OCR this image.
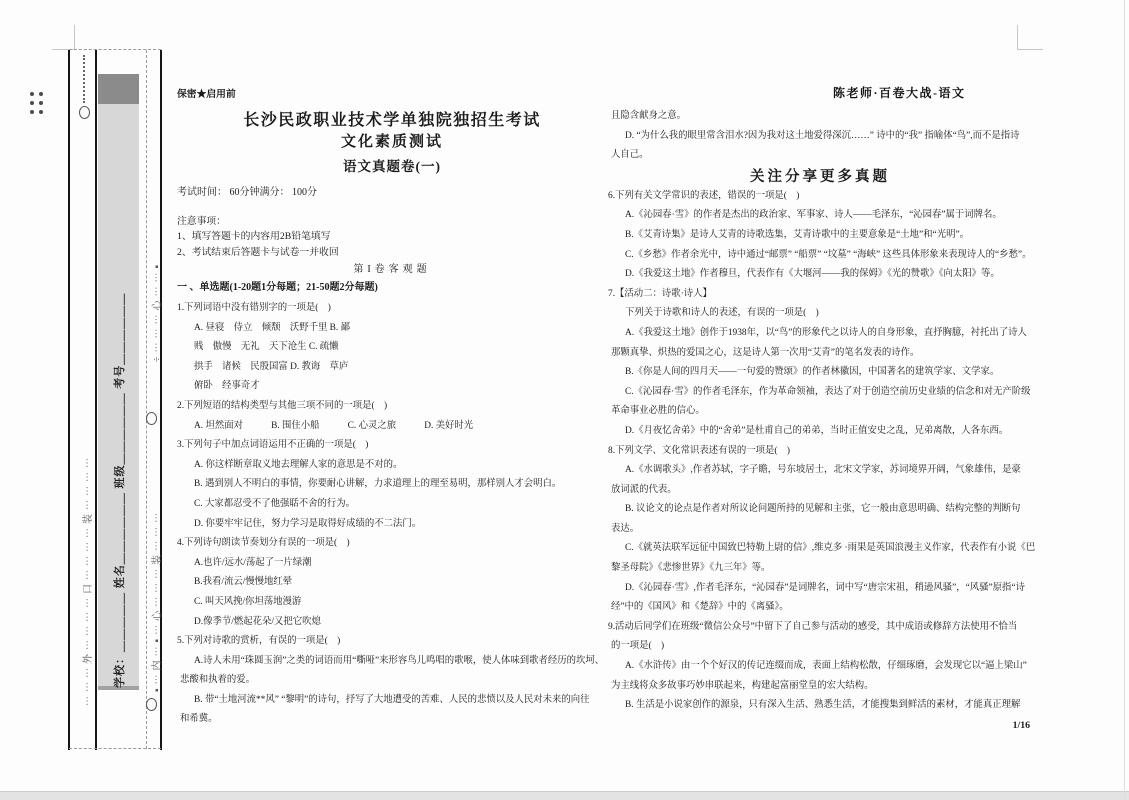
学校：＿＿＿＿＿ 姓名＿＿＿＿＿＿ 班级＿＿＿＿＿＿ 考号＿＿＿＿＿＿
⋯⋯⋯外⋯⋯⋯⋯口⋯⋯⋯⋯装⋯⋯⋯⋯	▪⋯内⋯▪⋯心⋯⋯⋯装⋯⋯⋯
÷⋯⋯⋯心⋯⋯▪
陈老师·百卷大战-语文
保密★启用前
长沙民政职业技术学单独院独招生考试
文化素质测试
语文真题卷(一)
考试时间： 60分钟满分： 100分
注意事项：
1、填写答题卡的内容用2B铅笔填写
2、考试结束后答题卡与试卷一并收回
第I卷客观题
一 、单选题(1-20题1分每题；21-50题2分每题)
1.下列词语中没有错别字的一项是(　)
A. 昼寝　侍立　倾颓　沃野千里 B. 鄙
贱　傲慢　无礼　天下沧生 C. 疏懒
拱手　诸候　民殷国富 D. 教诲　草庐
俯卧　经事奇才
2.下列短语的结构类型与其他三项不同的一项是(　)
A. 坦然面对　　　B. 围住小船　　　C. 心灵之旅　　　D. 美好时光
3.下列句子中加点词语运用不正确的一项是(　)
A. 你这样断章取义地去理解人家的意思是不对的。
B. 遇到别人不明白的事情，你要耐心讲解，力求道理上的理至易明，那样别人才会明白。
C. 大家都忍受不了他强聒不舍的行为。
D. 你要牢牢记住，努力学习是取得好成绩的不二法门。
4.下列诗句朗读节奏划分有误的一项是(　)
A.也许/远水/荡起了一片绿潮
B.我看/流云/慢慢地红晕
C. 叫天风挽/你坦荡地漫游
D.像季节/燃起花朵/又把它吹熄
5.下列对诗歌的赏析，有误的一项是(　)
A.诗人未用“珠圆玉润”之类的词语而用“嘶哑”来形容鸟儿鸣唱的歌喉，使人体味到歌者经历的坎坷、
悲酸和执着的爱。
B. 带“土地河流**风” “黎明”的诗句，抒写了大地遭受的苦难、人民的悲愤以及人民对未来的向往
和希冀。
且隐含献身之意。
D. “为什么我的眼里常含泪水?因为我对这土地爱得深沉……” 诗中的“我” 指喻体“鸟”,而不是指诗
人自己。
关注分享更多真题
6.下列有关文学常识的表述，错误的一项是(　)
A.《沁园春·雪》的作者是杰出的政治家、军事家、诗人——毛泽东，“沁园春”属于词牌名。
B.《艾青诗集》是诗人艾青的诗歌选集，艾青诗歌中的主要意象是“土地”和“光明”。
C.《乡愁》作者余光中，诗中通过“邮票” “船票” “坟墓” “海峡” 这些具体形象来表现诗人的“乡愁”。
D.《我爱这土地》作者穆旦，代表作有《大堰河——我的保姆》《光的赞歌》《向太阳》等。
7.【活动二：诗歌·诗人】
下列关于诗歌和诗人的表述，有误的一项是(　)
A.《我爱这土地》创作于1938年，以“鸟”的形象代之以诗人的自身形象，直抒胸臆，衬托出了诗人
那颗真挚、炽热的爱国之心，这是诗人第一次用“艾青”的笔名发表的诗作。
B.《你是人间的四月天——一句爱的赞颂》的作者林徽因，中国著名的建筑学家、文学家。
C.《沁园春·雪》的作者毛泽东，作为革命领袖，表达了对于创造空前历史业绩的信念和对无产阶级
革命事业必胜的信心。
D.《月夜忆舍弟》中的“舍弟”是杜甫自己的弟弟，当时正值安史之乱，兄弟离散，人各东西。
8.下列文学、文化常识表述有误的一项是(　)
A.《水调歌头》,作者苏轼，字子瞻，号东坡居士，北宋文学家，苏词境界开阔，气象雄伟，是豪
放词派的代表。
B. 议论文的论点是作者对所议论问题所持的见解和主张，它一般由意思明确、结构完整的判断句
表达。
C.《就英法联军远征中国致巴特勒上尉的信》,维克多 ·雨果是英国浪漫主义作家，代表作有小说《巴
黎圣母院》《悲惨世界》《九三年》等。
D.《沁园春·雪》,作者毛泽东，“沁园春”是词牌名，词中写“唐宗宋祖，稍逊风骚”，“风骚”原指“诗
经”中的《国风》和《楚辞》中的《离骚》。
9.活动后同学们在班级“微信公众号”中留下了自己参与活动的感受，其中成语或修辞方法使用不恰当
的一项是(　)
A.《水浒传》由一个个好汉的传记连缀而成，表面上结构松散，仔细琢磨，会发现它以“逼上梁山”
为主线将众多故事巧妙串联起来，构建起富丽堂皇的宏大结构。
B. 生活是小说家创作的源泉，只有深入生活、熟悉生活，才能搜集到鲜活的素材，才能真正理解
1/16
